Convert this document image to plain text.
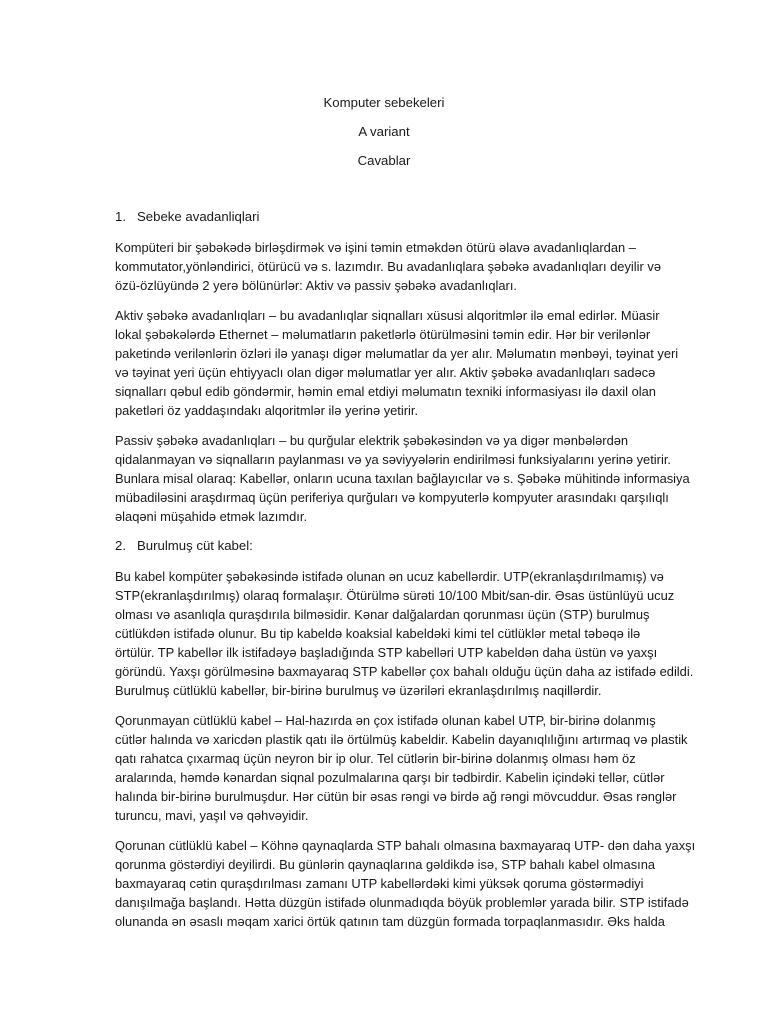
Komputer sebekeleri
A variant
Cavablar
1. Sebeke avadanliqlari
Kompüteri bir şəbəkədə birləşdirmək və işini təmin etməkdən ötürü əlavə avadanlıqlardan –
kommutator,yönləndirici, ötürücü və s. lazımdır. Bu avadanlıqlara şəbəkə avadanlıqları deyilir və
özü-özlüyündə 2 yerə bölünürlər: Aktiv və passiv şəbəkə avadanlıqları.
Aktiv şəbəkə avadanlıqları – bu avadanlıqlar siqnalları xüsusi alqoritmlər ilə emal edirlər. Müasir
lokal şəbəkələrdə Ethernet – məlumatların paketlərlə ötürülməsini təmin edir. Hər bir verilənlər
paketində verilənlərin özləri ilə yanaşı digər məlumatlar da yer alır. Məlumatın mənbəyi, təyinat yeri
və təyinat yeri üçün ehtiyyaclı olan digər məlumatlar yer alır. Aktiv şəbəkə avadanlıqları sadəcə
siqnalları qəbul edib göndərmir, həmin emal etdiyi məlumatın texniki informasiyası ilə daxil olan
paketləri öz yaddaşındakı alqoritmlər ilə yerinə yetirir.
Passiv şəbəkə avadanlıqları – bu qurğular elektrik şəbəkəsindən və ya digər mənbələrdən
qidalanmayan və siqnalların paylanması və ya səviyyələrin endirilməsi funksiyalarını yerinə yetirir.
Bunlara misal olaraq: Kabellər, onların ucuna taxılan bağlayıcılar və s. Şəbəkə mühitində informasiya
mübadiləsini araşdırmaq üçün periferiya qurğuları və kompyuterlə kompyuter arasındakı qarşılıqlı
əlaqəni müşahidə etmək lazımdır.
2. Burulmuş cüt kabel:
Bu kabel kompüter şəbəkəsində istifadə olunan ən ucuz kabellərdir. UTP(ekranlaşdırılmamış) və
STP(ekranlaşdırılmış) olaraq formalaşır. Ötürülmə sürəti 10/100 Mbit/san-dir. Əsas üstünlüyü ucuz
olması və asanlıqla quraşdırıla bilməsidir. Kənar dalğalardan qorunması üçün (STP) burulmuş
cütlükdən istifadə olunur. Bu tip kabeldə koaksial kabeldəki kimi tel cütlüklər metal təbəqə ilə
örtülür. TP kabellər ilk istifadəyə başladığında STP kabelləri UTP kabeldən daha üstün və yaxşı
göründü. Yaxşı görülməsinə baxmayaraq STP kabellər çox bahalı olduğu üçün daha az istifadə edildi.
Burulmuş cütlüklü kabellər, bir-birinə burulmuş və üzəriləri ekranlaşdırılmış naqillərdir.
Qorunmayan cütlüklü kabel – Hal-hazırda ən çox istifadə olunan kabel UTP, bir-birinə dolanmış
cütlər halında və xaricdən plastik qatı ilə örtülmüş kabeldir. Kabelin dayanıqlılığını artırmaq və plastik
qatı rahatca çıxarmaq üçün neyron bir ip olur. Tel cütlərin bir-birinə dolanmış olması həm öz
aralarında, həmdə kənardan siqnal pozulmalarına qarşı bir tədbirdir. Kabelin içindəki tellər, cütlər
halında bir-birinə burulmuşdur. Hər cütün bir əsas rəngi və birdə ağ rəngi mövcuddur. Əsas rənglər
turuncu, mavi, yaşıl və qəhvəyidir.
Qorunan cütlüklü kabel – Köhnə qaynaqlarda STP bahalı olmasına baxmayaraq UTP- dən daha yaxşı
qorunma göstərdiyi deyilirdi. Bu günlərin qaynaqlarına gəldikdə isə, STP bahalı kabel olmasına
baxmayaraq cətin quraşdırılması zamanı UTP kabellərdəki kimi yüksək qoruma göstərmədiyi
danışılmağa başlandı. Hətta düzgün istifadə olunmadıqda böyük problemlər yarada bilir. STP istifadə
olunanda ən əsaslı məqam xarici örtük qatının tam düzgün formada torpaqlanmasıdır. Əks halda
